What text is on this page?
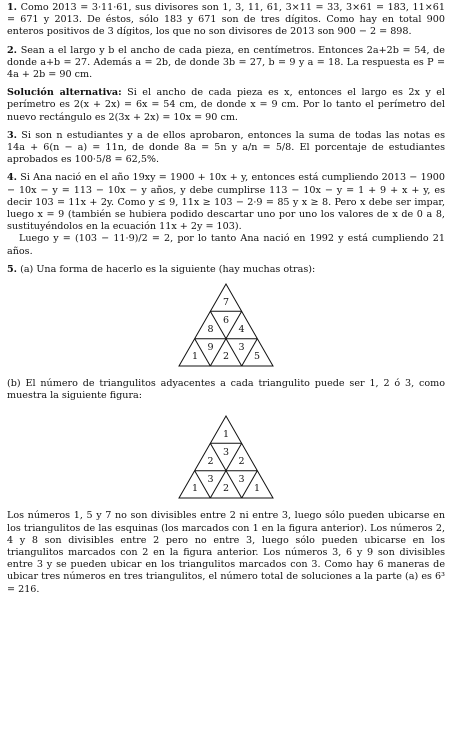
1. Como 2013 = 3·11·61, sus divisores son 1, 3, 11, 61, 3×11 = 33, 3×61 = 183, 11×61 = 671 y 2013. De éstos, sólo 183 y 671 son de tres dígitos. Como hay en total 900 enteros positivos de 3 dígitos, los que no son divisores de 2013 son 900 − 2 = 898.

2. Sean a el largo y b el ancho de cada pieza, en centímetros. Entonces 2a+2b = 54, de donde a+b = 27. Además a = 2b, de donde 3b = 27, b = 9 y a = 18. La respuesta es P = 4a + 2b = 90 cm.

Solución alternativa: Si el ancho de cada pieza es x, entonces el largo es 2x y el perímetro es 2(x + 2x) = 6x = 54 cm, de donde x = 9 cm. Por lo tanto el perímetro del nuevo rectángulo es 2(3x + 2x) = 10x = 90 cm.

3. Si son n estudiantes y a de ellos aprobaron, entonces la suma de todas las notas es 14a + 6(n − a) = 11n, de donde 8a = 5n y a/n = 5/8. El porcentaje de estudiantes aprobados es 100·5/8 = 62,5%.

4. Si Ana nació en el año 19xy = 1900 + 10x + y, entonces está cumpliendo 2013 − 1900 − 10x − y = 113 − 10x − y años, y debe cumplirse 113 − 10x − y = 1 + 9 + x + y, es decir 103 = 11x + 2y. Como y ≤ 9, 11x ≥ 103 − 2·9 = 85 y x ≥ 8. Pero x debe ser impar, luego x = 9 (también se hubiera podido descartar uno por uno los valores de x de 0 a 8, sustituyéndolos en la ecuación 11x + 2y = 103).

Luego y = (103 − 11·9)/2 = 2, por lo tanto Ana nació en 1992 y está cumpliendo 21 años.

5. (a) Una forma de hacerlo es la siguiente (hay muchas otras):

7
8
6
4
1
9
2
3
5

(b) El número de triangulitos adyacentes a cada triangulito puede ser 1, 2 ó 3, como muestra la siguiente figura:

1
2
3
2
1
3
2
3
1

Los números 1, 5 y 7 no son divisibles entre 2 ni entre 3, luego sólo pueden ubicarse en los triangulitos de las esquinas (los marcados con 1 en la figura anterior). Los números 2, 4 y 8 son divisibles entre 2 pero no entre 3, luego sólo pueden ubicarse en los triangulitos marcados con 2 en la figura anterior. Los números 3, 6 y 9 son divisibles entre 3 y se pueden ubicar en los triangulitos marcados con 3. Como hay 6 maneras de ubicar tres números en tres triangulitos, el número total de soluciones a la parte (a) es 6³ = 216.
